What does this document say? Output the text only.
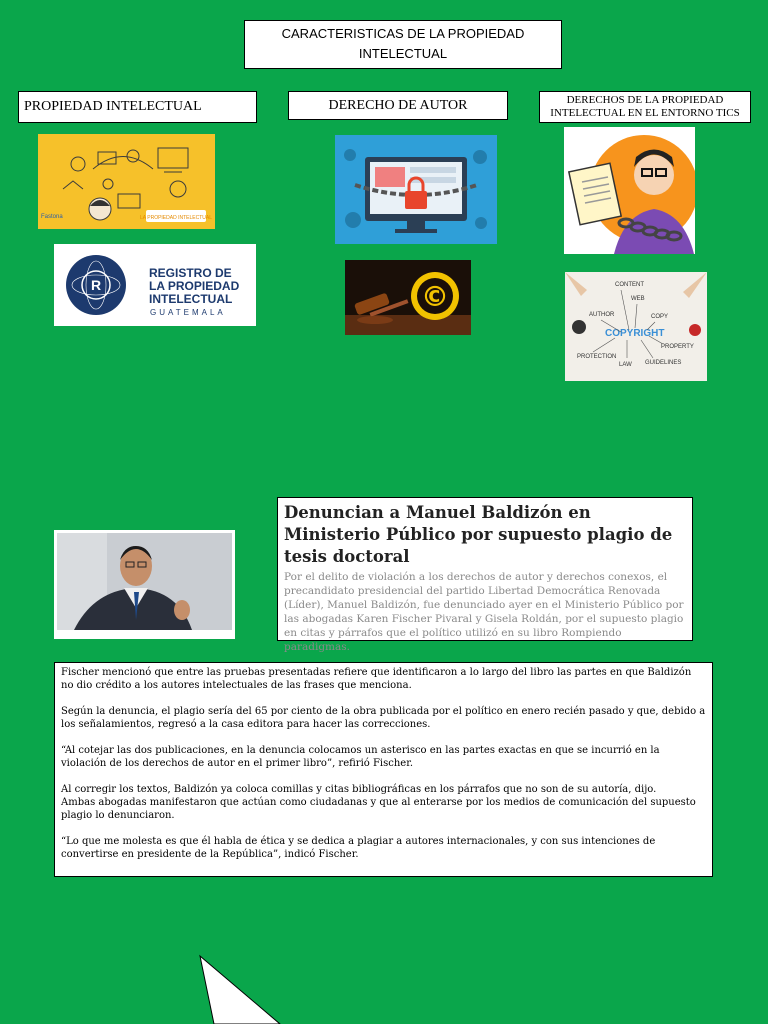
CARACTERISTICAS DE LA PROPIEDAD INTELECTUAL
PROPIEDAD INTELECTUAL	DERECHO DE AUTOR	DERECHOS DE LA PROPIEDAD INTELECTUAL EN EL ENTORNO TICS
LA PROPIEDAD INTELECTUAL
Fastona
R
REGISTRO DE
LA PROPIEDAD
INTELECTUAL
GUATEMALA	©	CONTENT
WEB
AUTHOR	COPY
PROPERTY
PROTECTION
LAW GUIDELINES
COPYRIGHT
Denuncian a Manuel Baldizón en Ministerio Público por supuesto plagio de tesis doctoral

Por el delito de violación a los derechos de autor y derechos conexos, el precandidato presidencial del partido Libertad Democrática Renovada (Líder), Manuel Baldizón, fue denunciado ayer en el Ministerio Público por las abogadas Karen Fischer Pivaral y Gisela Roldán, por el supuesto plagio en citas y párrafos que el político utilizó en su libro Rompiendo paradigmas.

Fischer mencionó que entre las pruebas presentadas refiere que identificaron a lo largo del libro las partes en que Baldizón no dio crédito a los autores intelectuales de las frases que menciona.

Según la denuncia, el plagio sería del 65 por ciento de la obra publicada por el político en enero recién pasado y que, debido a los señalamientos, regresó a la casa editora para hacer las correcciones.

“Al cotejar las dos publicaciones, en la denuncia colocamos un asterisco en las partes exactas en que se incurrió en la violación de los derechos de autor en el primer libro”, refirió Fischer.

Al corregir los textos, Baldizón ya coloca comillas y citas bibliográficas en los párrafos que no son de su autoría, dijo.

Ambas abogadas manifestaron que actúan como ciudadanas y que al enterarse por los medios de comunicación del supuesto plagio lo denunciaron.

“Lo que me molesta es que él habla de ética y se dedica a plagiar a autores internacionales, y con sus intenciones de convertirse en presidente de la República”, indicó Fischer.
